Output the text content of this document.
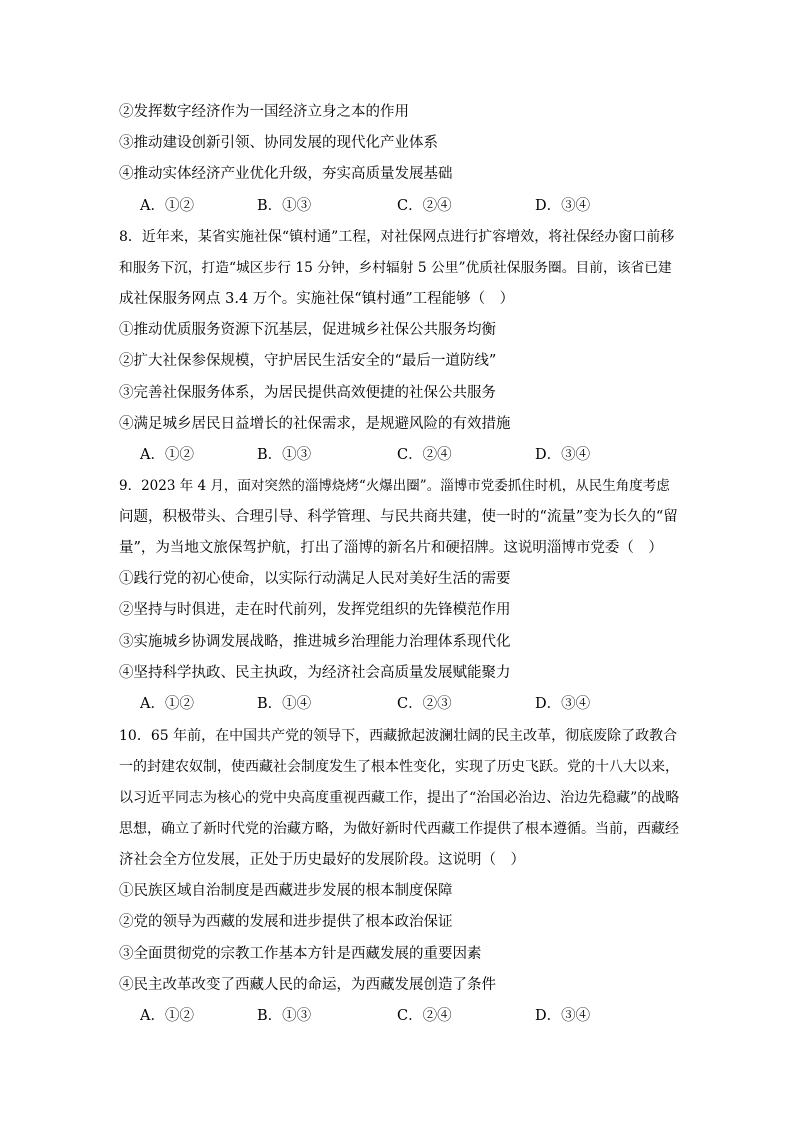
②发挥数字经济作为一国经济立身之本的作用
③推动建设创新引领、协同发展的现代化产业体系
④推动实体经济产业优化升级，夯实高质量发展基础
A．①②	B．①③	C．②④	D．③④
8．近年来，某省实施社保“镇村通”工程，对社保网点进行扩容增效，将社保经办窗口前移
和服务下沉，打造“城区步行 15 分钟，乡村辐射 5 公里”优质社保服务圈。目前，该省已建
成社保服务网点 3.4 万个。实施社保“镇村通”工程能够（　）
①推动优质服务资源下沉基层，促进城乡社保公共服务均衡
②扩大社保参保规模，守护居民生活安全的“最后一道防线”
③完善社保服务体系，为居民提供高效便捷的社保公共服务
④满足城乡居民日益增长的社保需求，是规避风险的有效措施
A．①②	B．①③	C．②④	D．③④
9．2023 年 4 月，面对突然的淄博烧烤“火爆出圈”。淄博市党委抓住时机，从民生角度考虑
问题，积极带头、合理引导、科学管理、与民共商共建，使一时的“流量”变为长久的“留
量”，为当地文旅保驾护航，打出了淄博的新名片和硬招牌。这说明淄博市党委（　）
①践行党的初心使命，以实际行动满足人民对美好生活的需要
②坚持与时俱进，走在时代前列，发挥党组织的先锋模范作用
③实施城乡协调发展战略，推进城乡治理能力治理体系现代化
④坚持科学执政、民主执政，为经济社会高质量发展赋能聚力
A．①②	B．①④	C．②③	D．③④
10．65 年前，在中国共产党的领导下，西藏掀起波澜壮阔的民主改革，彻底废除了政教合
一的封建农奴制，使西藏社会制度发生了根本性变化，实现了历史飞跃。党的十八大以来，
以习近平同志为核心的党中央高度重视西藏工作，提出了“治国必治边、治边先稳藏”的战略
思想，确立了新时代党的治藏方略，为做好新时代西藏工作提供了根本遵循。当前，西藏经
济社会全方位发展，正处于历史最好的发展阶段。这说明（　）
①民族区域自治制度是西藏进步发展的根本制度保障
②党的领导为西藏的发展和进步提供了根本政治保证
③全面贯彻党的宗教工作基本方针是西藏发展的重要因素
④民主改革改变了西藏人民的命运，为西藏发展创造了条件
A．①②	B．①③	C．②④	D．③④
